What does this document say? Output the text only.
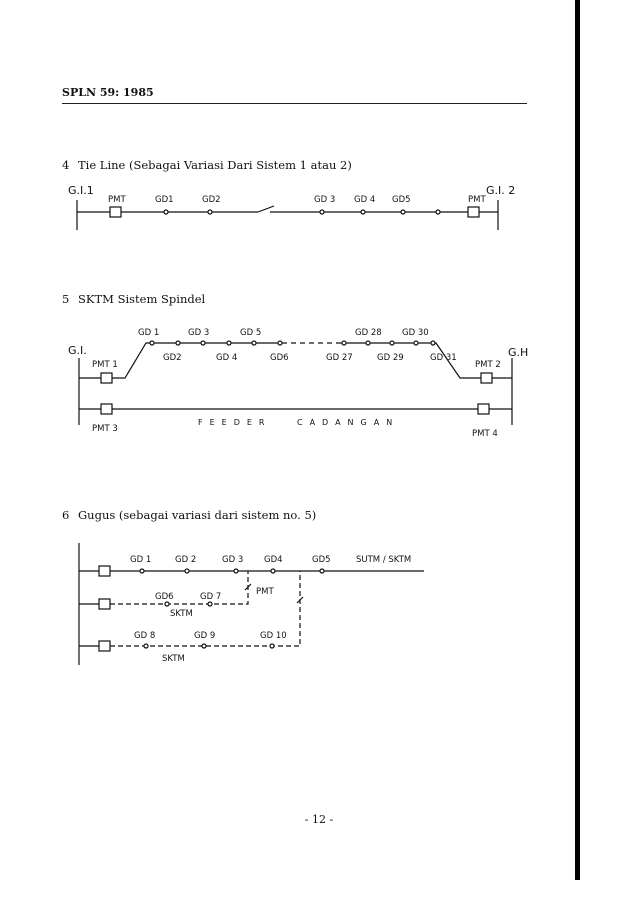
SPLN 59: 1985
4 Tie Line (Sebagai Variasi Dari Sistem 1 atau 2)
5 SKTM Sistem Spindel
6 Gugus (sebagai variasi dari sistem no. 5)
G.I.1	G.I. 2
PMT	PMT
GD1	GD2	GD 3 GD 4 GD5
G.I.	G.H
GD 1	GD 3	GD 5	GD 28 GD 30
GD2	GD 4	GD6	GD 27	GD 29	GD 31
PMT 1	PMT 2
PMT 3	PMT 4
FEEDER	CADANGAN
GD 1	GD 2	GD 3 GD4	GD5	SUTM / SKTM
PMT
GD6	GD 7
SKTM
GD 8	GD 9	GD 10
SKTM
- 12 -
